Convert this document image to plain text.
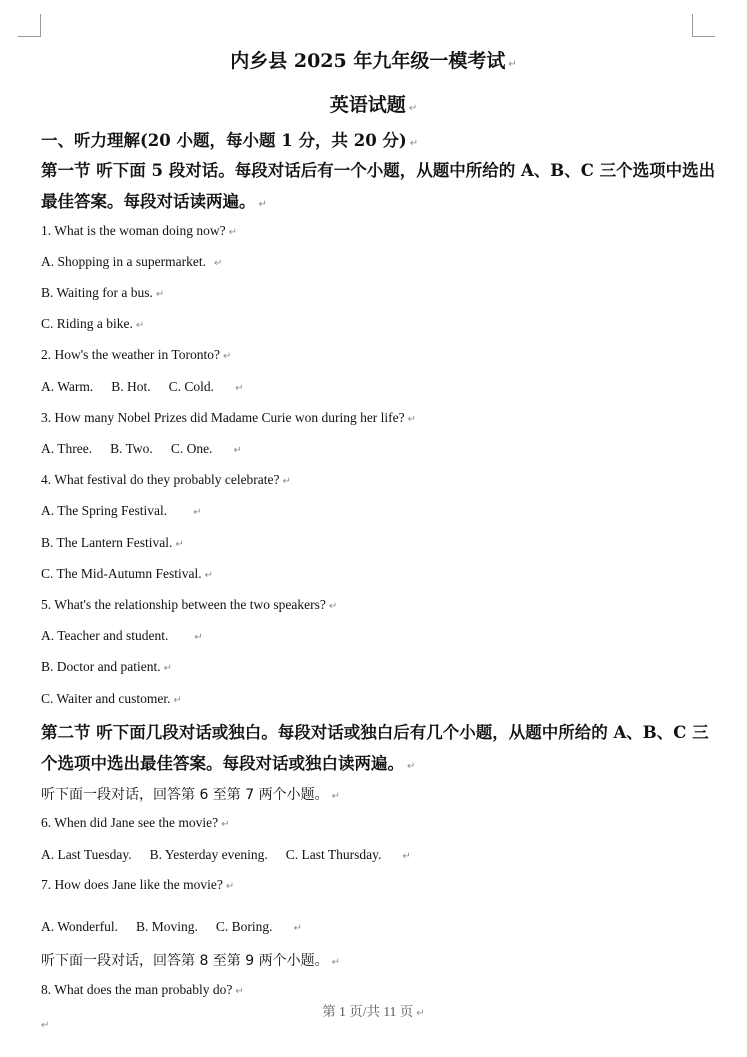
内乡县 2025 年九年级一模考试 ↵
英语试题 ↵
一、听力理解(20 小题，每小题 1 分，共 20 分) ↵
第一节 听下面 5 段对话。每段对话后有一个小题，从题中所给的 A、B、C 三个选项中选出
最佳答案。每段对话读两遍。 ↵
1. What is the woman doing now? ↵
A. Shopping in a supermarket. ↵
B. Waiting for a bus. ↵
C. Riding a bike. ↵
2. How's the weather in Toronto? ↵
A. Warm. B. Hot. C. Cold. ↵
3. How many Nobel Prizes did Madame Curie won during her life? ↵
A. Three. B. Two. C. One. ↵
4. What festival do they probably celebrate? ↵
A. The Spring Festival.	↵
B. The Lantern Festival. ↵
C. The Mid-Autumn Festival. ↵
5. What's the relationship between the two speakers? ↵
A. Teacher and student.	↵
B. Doctor and patient. ↵
C. Waiter and customer. ↵
第二节 听下面几段对话或独白。每段对话或独白后有几个小题，从题中所给的 A、B、C 三
个选项中选出最佳答案。每段对话或独白读两遍。 ↵
听下面一段对话，回答第 6 至第 7 两个小题。 ↵
6. When did Jane see the movie? ↵
A. Last Tuesday. B. Yesterday evening. C. Last Thursday. ↵
7. How does Jane like the movie? ↵
A. Wonderful. B. Moving. C. Boring. ↵
听下面一段对话，回答第 8 至第 9 两个小题。 ↵
8. What does the man probably do? ↵
第 1 页/共 11 页 ↵
↵
